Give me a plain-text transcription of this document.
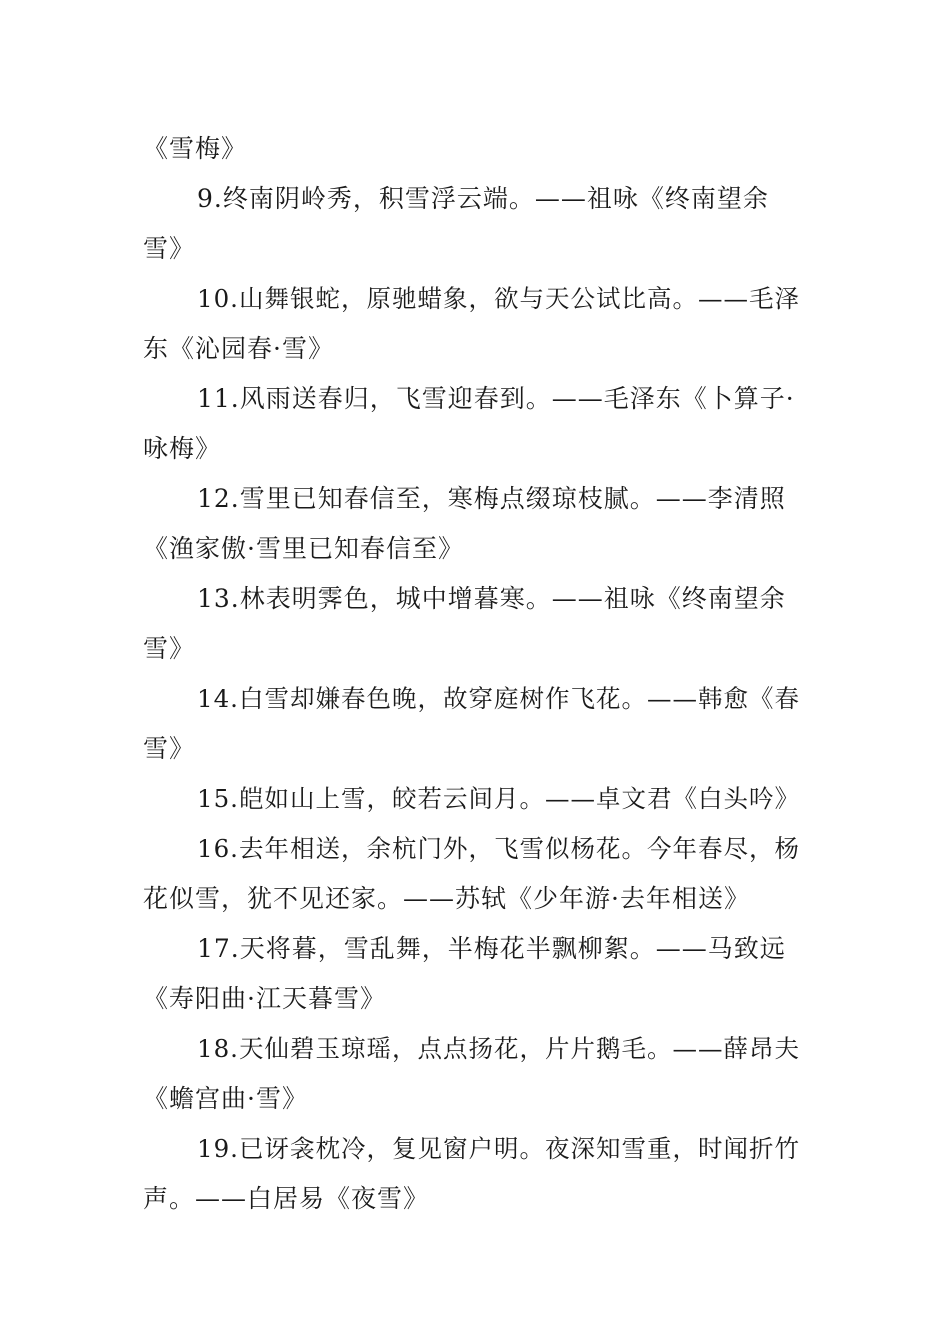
《雪梅》
9.终南阴岭秀，积雪浮云端。——祖咏《终南望余
雪》
10.山舞银蛇，原驰蜡象，欲与天公试比高。——毛泽
东《沁园春·雪》
11.风雨送春归，飞雪迎春到。——毛泽东《卜算子·
咏梅》
12.雪里已知春信至，寒梅点缀琼枝腻。——李清照
《渔家傲·雪里已知春信至》
13.林表明霁色，城中增暮寒。——祖咏《终南望余
雪》
14.白雪却嫌春色晚，故穿庭树作飞花。——韩愈《春
雪》
15.皑如山上雪，皎若云间月。——卓文君《白头吟》
16.去年相送，余杭门外，飞雪似杨花。今年春尽，杨
花似雪，犹不见还家。——苏轼《少年游·去年相送》
17.天将暮，雪乱舞，半梅花半飘柳絮。——马致远
《寿阳曲·江天暮雪》
18.天仙碧玉琼瑶，点点扬花，片片鹅毛。——薛昂夫
《蟾宫曲·雪》
19.已讶衾枕冷，复见窗户明。夜深知雪重，时闻折竹
声。——白居易《夜雪》
